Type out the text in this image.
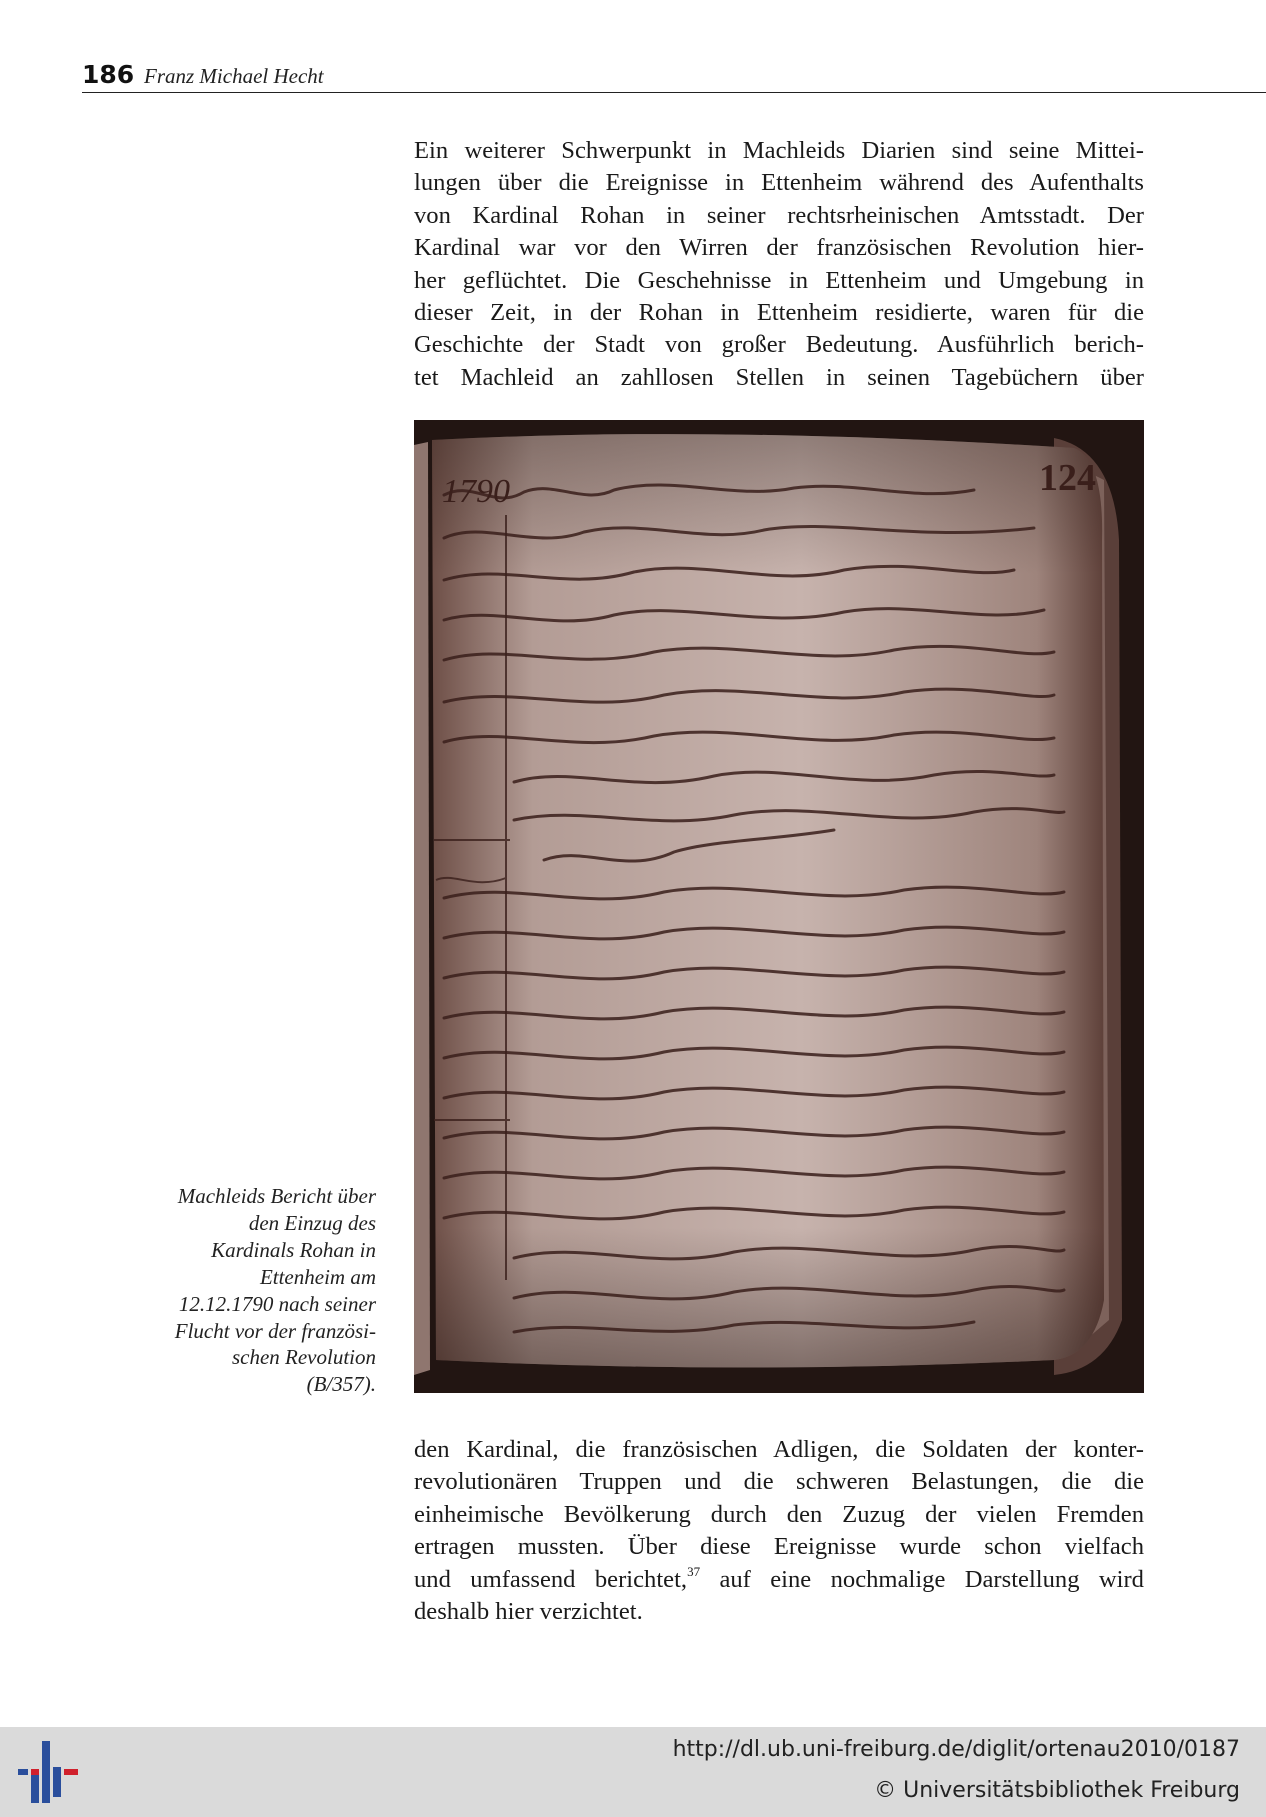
186 Franz Michael Hecht
Ein weiterer Schwerpunkt in Machleids Diarien sind seine Mittei-
lungen über die Ereignisse in Ettenheim während des Aufenthalts
von Kardinal Rohan in seiner rechtsrheinischen Amtsstadt. Der
Kardinal war vor den Wirren der französischen Revolution hier-
her geflüchtet. Die Geschehnisse in Ettenheim und Umgebung in
dieser Zeit, in der Rohan in Ettenheim residierte, waren für die
Geschichte der Stadt von großer Bedeutung. Ausführlich berich-
tet Machleid an zahllosen Stellen in seinen Tagebüchern über
1790	124
Machleids Bericht über
den Einzug des
Kardinals Rohan in
Ettenheim am
12.12.1790 nach seiner
Flucht vor der französi-
schen Revolution
(B/357).
den Kardinal, die französischen Adligen, die Soldaten der konter-
revolutionären Truppen und die schweren Belastungen, die die
einheimische Bevölkerung durch den Zuzug der vielen Fremden
ertragen mussten. Über diese Ereignisse wurde schon vielfach
und umfassend berichtet,$^{37}$ auf eine nochmalige Darstellung wird
deshalb hier verzichtet.
http://dl.ub.uni-freiburg.de/diglit/ortenau2010/0187
© Universitätsbibliothek Freiburg
